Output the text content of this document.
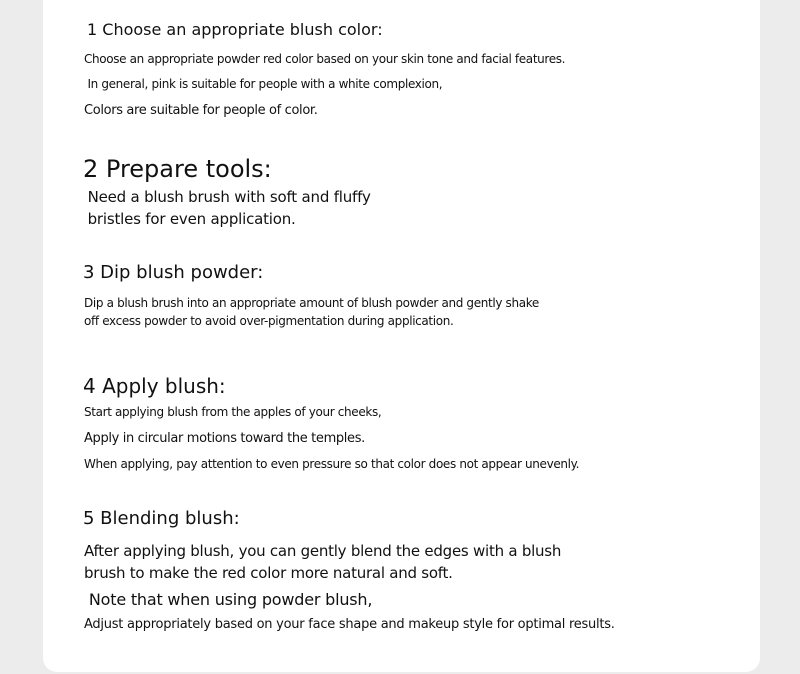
1 Choose an appropriate blush color:
Choose an appropriate powder red color based on your skin tone and facial features.
In general, pink is suitable for people with a white complexion,
Colors are suitable for people of color.
2 Prepare tools:
Need a blush brush with soft and fluffy
bristles for even application.
3 Dip blush powder:
Dip a blush brush into an appropriate amount of blush powder and gently shake
off excess powder to avoid over-pigmentation during application.
4 Apply blush:
Start applying blush from the apples of your cheeks,
Apply in circular motions toward the temples.
When applying, pay attention to even pressure so that color does not appear unevenly.
5 Blending blush:
After applying blush, you can gently blend the edges with a blush
brush to make the red color more natural and soft.
Note that when using powder blush,
Adjust appropriately based on your face shape and makeup style for optimal results.
